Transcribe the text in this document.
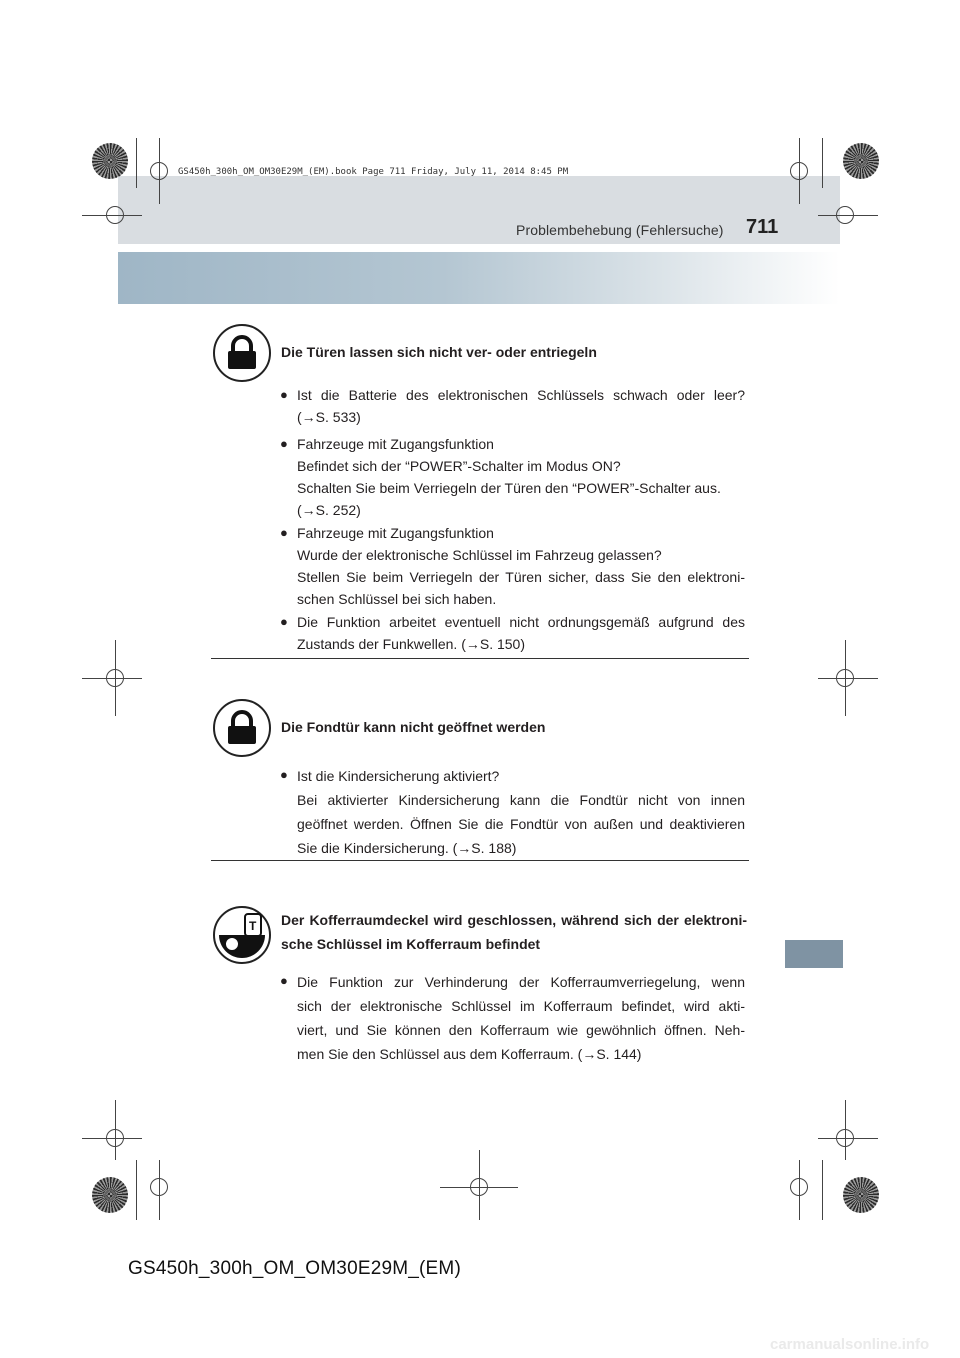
GS450h_300h_OM_OM30E29M_(EM).book Page 711 Friday, July 11, 2014 8:45 PM
Problembehebung (Fehlersuche) 711
Die Türen lassen sich nicht ver- oder entriegeln
● Ist die Batterie des elektronischen Schlüssels schwach oder leer?
(→S. 533)
● Fahrzeuge mit Zugangsfunktion
Befindet sich der “POWER”-Schalter im Modus ON?
Schalten Sie beim Verriegeln der Türen den “POWER”-Schalter aus.
(→S. 252)
● Fahrzeuge mit Zugangsfunktion
Wurde der elektronische Schlüssel im Fahrzeug gelassen?
Stellen Sie beim Verriegeln der Türen sicher, dass Sie den elektroni-
schen Schlüssel bei sich haben.
● Die Funktion arbeitet eventuell nicht ordnungsgemäß aufgrund des
Zustands der Funkwellen. (→S. 150)
Die Fondtür kann nicht geöffnet werden
● Ist die Kindersicherung aktiviert?
Bei aktivierter Kindersicherung kann die Fondtür nicht von innen
geöffnet werden. Öffnen Sie die Fondtür von außen und deaktivieren
Sie die Kindersicherung. (→S. 188)
T Der Kofferraumdeckel wird geschlossen, während sich der elektroni-
sche Schlüssel im Kofferraum befindet
● Die Funktion zur Verhinderung der Kofferraumverriegelung, wenn
sich der elektronische Schlüssel im Kofferraum befindet, wird akti-
viert, und Sie können den Kofferraum wie gewöhnlich öffnen. Neh-
men Sie den Schlüssel aus dem Kofferraum. (→S. 144)
GS450h_300h_OM_OM30E29M_(EM)
carmanualsonline.info
